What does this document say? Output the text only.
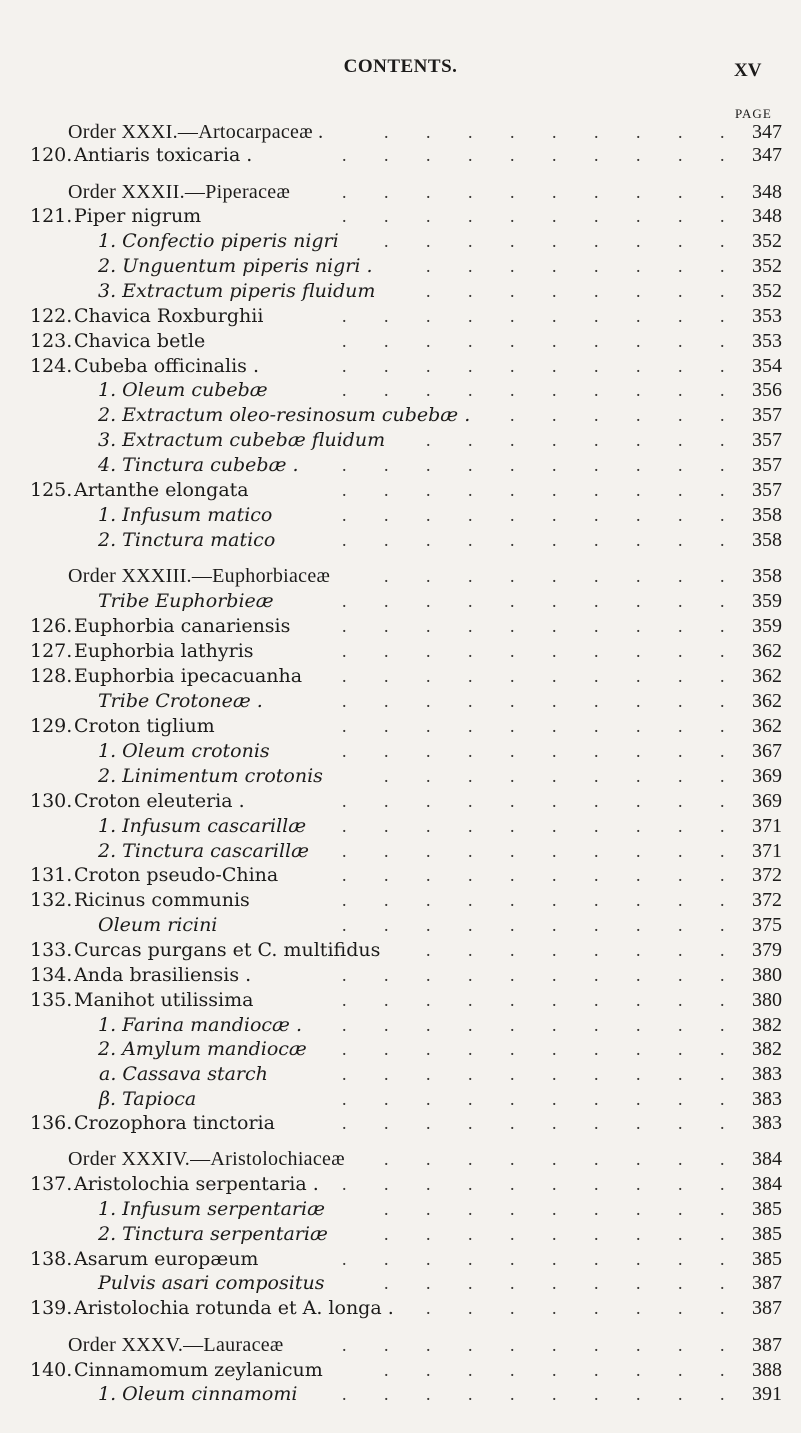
CONTENTS.	XV
PAGE
Order XXXI.—Artocarpaceæ .	. . . . . . . . . 347
120. Antiaris toxicaria .	. . . . . . . . . . 347
Order XXXII.—Piperaceæ	. . . . . . . . . . 348
121. Piper nigrum	. . . . . . . . . . 348
1. Confectio piperis nigri	. . . . . . . . . 352
2. Unguentum piperis nigri .	. . . . . . . . 352
3. Extractum piperis fluidum	. . . . . . . . 352
122. Chavica Roxburghii	. . . . . . . . . . 353
123. Chavica betle	. . . . . . . . . . 353
124. Cubeba officinalis .	. . . . . . . . . . 354
1. Oleum cubebæ	. . . . . . . . . . 356
2. Extractum oleo-resinosum cubebæ . . . . . . . 357
3. Extractum cubebæ fluidum . . . . . . . . 357
4. Tinctura cubebæ . . . . . . . . . . . 357
125. Artanthe elongata	. . . . . . . . . . 357
1. Infusum matico	. . . . . . . . . . 358
2. Tinctura matico	. . . . . . . . . . 358
Order XXXIII.—Euphorbiaceæ	. . . . . . . . . 358
Tribe Euphorbieæ	. . . . . . . . . . 359
126. Euphorbia canariensis	. . . . . . . . . . 359
127. Euphorbia lathyris	. . . . . . . . . . 362
128. Euphorbia ipecacuanha . . . . . . . . . . 362
Tribe Crotoneæ .	. . . . . . . . . . 362
129. Croton tiglium	. . . . . . . . . . 362
1. Oleum crotonis	. . . . . . . . . . 367
2. Linimentum crotonis	. . . . . . . . . 369
130. Croton eleuteria .	. . . . . . . . . . 369
1. Infusum cascarillæ . . . . . . . . . . 371
2. Tinctura cascarillæ . . . . . . . . . . 371
131. Croton pseudo-China	. . . . . . . . . . 372
132. Ricinus communis	. . . . . . . . . . 372
Oleum ricini	. . . . . . . . . . 375
133. Curcas purgans et C. multifidus	. . . . . . . . 379
134. Anda brasiliensis .	. . . . . . . . . . 380
135. Manihot utilissima	. . . . . . . . . . 380
1. Farina mandiocæ . . . . . . . . . . . 382
2. Amylum mandiocæ . . . . . . . . . . 382
a. Cassava starch	. . . . . . . . . . 383
β. Tapioca	. . . . . . . . . . 383
136. Crozophora tinctoria	. . . . . . . . . . 383
Order XXXIV.—Aristolochiaceæ . . . . . . . . . 384
137. Aristolochia serpentaria . . . . . . . . . . . 384
1. Infusum serpentariæ	. . . . . . . . . 385
2. Tinctura serpentariæ	. . . . . . . . . 385
138. Asarum europæum	. . . . . . . . . . 385
Pulvis asari compositus	. . . . . . . . . 387
139. Aristolochia rotunda et A. longa . . . . . . . . . 387
Order XXXV.—Lauraceæ	. . . . . . . . . . 387
140. Cinnamomum zeylanicum	. . . . . . . . . 388
1. Oleum cinnamomi . . . . . . . . . . 391
